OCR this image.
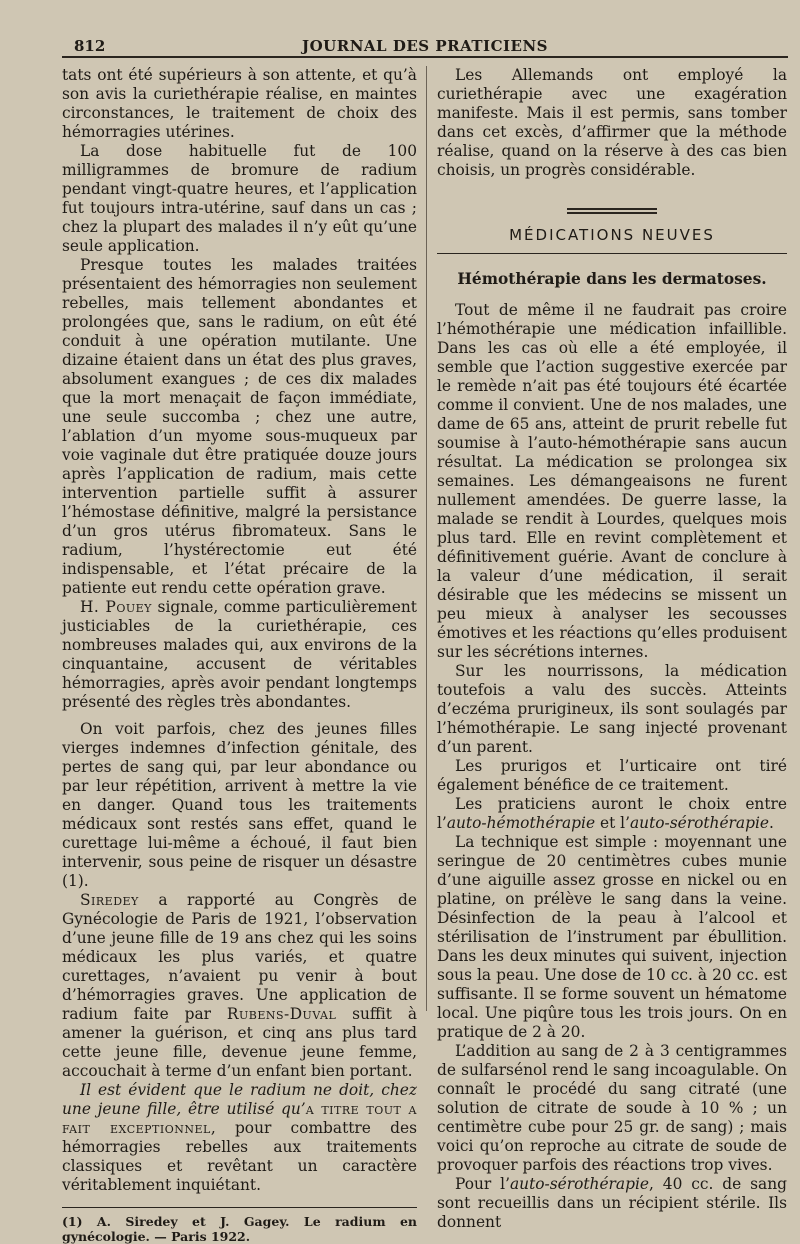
812	JOURNAL DES PRATICIENS

tats ont été supérieurs à son attente, et qu’à son avis la curiethérapie réalise, en maintes circonstances, le traitement de choix des hémorragies utérines.

La dose habituelle fut de 100 milligrammes de bromure de radium pendant vingt-quatre heures, et l’application fut toujours intra-utérine, sauf dans un cas ; chez la plupart des malades il n’y eût qu’une seule application.

Presque toutes les malades traitées présentaient des hémorragies non seulement rebelles, mais tellement abondantes et prolongées que, sans le radium, on eût été conduit à une opération mutilante. Une dizaine étaient dans un état des plus graves, absolument exangues ; de ces dix malades que la mort menaçait de façon immédiate, une seule succomba ; chez une autre, l’ablation d’un myome sous-muqueux par voie vaginale dut être pratiquée douze jours après l’application de radium, mais cette intervention partielle suffit à assurer l’hémostase définitive, malgré la persistance d’un gros utérus fibromateux. Sans le radium, l’hystérectomie eut été indispensable, et l’état précaire de la patiente eut rendu cette opération grave.

H. Pouey signale, comme particulièrement justiciables de la curiethérapie, ces nombreuses malades qui, aux environs de la cinquantaine, accusent de véritables hémorragies, après avoir pendant longtemps présenté des règles très abondantes.

On voit parfois, chez des jeunes filles vierges indemnes d’infection génitale, des pertes de sang qui, par leur abondance ou par leur répétition, arrivent à mettre la vie en danger. Quand tous les traitements médicaux sont restés sans effet, quand le curettage lui-même a échoué, il faut bien intervenir, sous peine de risquer un désastre (1).

Siredey a rapporté au Congrès de Gynécologie de Paris de 1921, l’observation d’une jeune fille de 19 ans chez qui les soins médicaux les plus variés, et quatre curettages, n’avaient pu venir à bout d’hémorragies graves. Une application de radium faite par Rubens-Duval suffit à amener la guérison, et cinq ans plus tard cette jeune fille, devenue jeune femme, accouchait à terme d’un enfant bien portant.

Il est évident que le radium ne doit, chez une jeune fille, être utilisé qu’a titre tout a fait exceptionnel, pour combattre des hémorragies rebelles aux traitements classiques et revêtant un caractère véritablement inquiétant.

(1) A. Siredey et J. Gagey. Le radium en gynécologie. — Paris 1922.

Les Allemands ont employé la curiethérapie avec une exagération manifeste. Mais il est permis, sans tomber dans cet excès, d’affirmer que la méthode réalise, quand on la réserve à des cas bien choisis, un progrès considérable.

MÉDICATIONS NEUVES
Hémothérapie dans les dermatoses.

Tout de même il ne faudrait pas croire l’hémothérapie une médication infaillible. Dans les cas où elle a été employée, il semble que l’action suggestive exercée par le remède n’ait pas été toujours été écartée comme il convient. Une de nos malades, une dame de 65 ans, atteint de prurit rebelle fut soumise à l’auto-hémothérapie sans aucun résultat. La médication se prolongea six semaines. Les démangeaisons ne furent nullement amendées. De guerre lasse, la malade se rendit à Lourdes, quelques mois plus tard. Elle en revint complètement et définitivement guérie. Avant de conclure à la valeur d’une médication, il serait désirable que les médecins se missent un peu mieux à analyser les secousses émotives et les réactions qu’elles produisent sur les sécrétions internes.

Sur les nourrissons, la médication toutefois a valu des succès. Atteints d’eczéma prurigineux, ils sont soulagés par l’hémothérapie. Le sang injecté provenant d’un parent.

Les prurigos et l’urticaire ont tiré également bénéfice de ce traitement.

Les praticiens auront le choix entre l’auto-hémothérapie et l’auto-sérothérapie.

La technique est simple : moyennant une seringue de 20 centimètres cubes munie d’une aiguille assez grosse en nickel ou en platine, on prélève le sang dans la veine. Désinfection de la peau à l’alcool et stérilisation de l’instrument par ébullition. Dans les deux minutes qui suivent, injection sous la peau. Une dose de 10 cc. à 20 cc. est suffisante. Il se forme souvent un hématome local. Une piqûre tous les trois jours. On en pratique de 2 à 20.

L’addition au sang de 2 à 3 centigrammes de sulfarsénol rend le sang incoagulable. On connaît le procédé du sang citraté (une solution de citrate de soude à 10 % ; un centimètre cube pour 25 gr. de sang) ; mais voici qu’on reproche au citrate de soude de provoquer parfois des réactions trop vives.

Pour l’auto-sérothérapie, 40 cc. de sang sont recueillis dans un récipient stérile. Ils donnent
